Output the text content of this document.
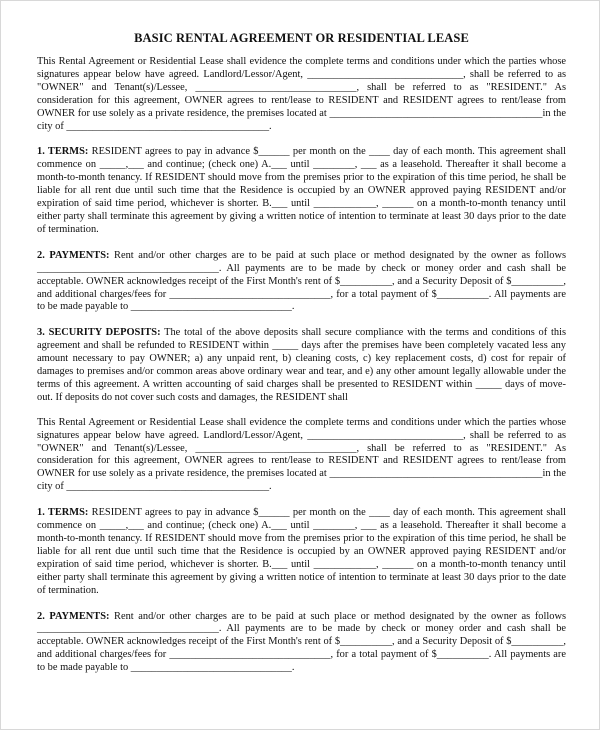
BASIC RENTAL AGREEMENT OR RESIDENTIAL LEASE

This Rental Agreement or Residential Lease shall evidence the complete terms and conditions under which the parties whose signatures appear below have agreed. Landlord/Lessor/Agent, ______________________________, shall be referred to as "OWNER" and Tenant(s)/Lessee, _______________________________, shall be referred to as "RESIDENT." As consideration for this agreement, OWNER agrees to rent/lease to RESIDENT and RESIDENT agrees to rent/lease from OWNER for use solely as a private residence, the premises located at _________________________________________in the city of _______________________________________.

1. TERMS: RESIDENT agrees to pay in advance $______ per month on the ____ day of each month. This agreement shall commence on _____,___ and continue; (check one) A.___ until ________, ___ as a leasehold. Thereafter it shall become a month-to-month tenancy. If RESIDENT should move from the premises prior to the expiration of this time period, he shall be liable for all rent due until such time that the Residence is occupied by an OWNER approved paying RESIDENT and/or expiration of said time period, whichever is shorter. B.___ until ____________, ______ on a month-to-month tenancy until either party shall terminate this agreement by giving a written notice of intention to terminate at least 30 days prior to the date of termination.

2. PAYMENTS: Rent and/or other charges are to be paid at such place or method designated by the owner as follows ___________________________________. All payments are to be made by check or money order and cash shall be acceptable. OWNER acknowledges receipt of the First Month's rent of $__________, and a Security Deposit of $__________, and additional charges/fees for _______________________________, for a total payment of $__________. All payments are to be made payable to _______________________________.

3. SECURITY DEPOSITS: The total of the above deposits shall secure compliance with the terms and conditions of this agreement and shall be refunded to RESIDENT within _____ days after the premises have been completely vacated less any amount necessary to pay OWNER; a) any unpaid rent, b) cleaning costs, c) key replacement costs, d) cost for repair of damages to premises and/or common areas above ordinary wear and tear, and e) any other amount legally allowable under the terms of this agreement. A written accounting of said charges shall be presented to RESIDENT within _____ days of move-out. If deposits do not cover such costs and damages, the RESIDENT shall

This Rental Agreement or Residential Lease shall evidence the complete terms and conditions under which the parties whose signatures appear below have agreed. Landlord/Lessor/Agent, ______________________________, shall be referred to as "OWNER" and Tenant(s)/Lessee, _______________________________, shall be referred to as "RESIDENT." As consideration for this agreement, OWNER agrees to rent/lease to RESIDENT and RESIDENT agrees to rent/lease from OWNER for use solely as a private residence, the premises located at _________________________________________in the city of _______________________________________.

1. TERMS: RESIDENT agrees to pay in advance $______ per month on the ____ day of each month. This agreement shall commence on _____,___ and continue; (check one) A.___ until ________, ___ as a leasehold. Thereafter it shall become a month-to-month tenancy. If RESIDENT should move from the premises prior to the expiration of this time period, he shall be liable for all rent due until such time that the Residence is occupied by an OWNER approved paying RESIDENT and/or expiration of said time period, whichever is shorter. B.___ until ____________, ______ on a month-to-month tenancy until either party shall terminate this agreement by giving a written notice of intention to terminate at least 30 days prior to the date of termination.

2. PAYMENTS: Rent and/or other charges are to be paid at such place or method designated by the owner as follows ___________________________________. All payments are to be made by check or money order and cash shall be acceptable. OWNER acknowledges receipt of the First Month's rent of $__________, and a Security Deposit of $__________, and additional charges/fees for _______________________________, for a total payment of $__________. All payments are to be made payable to _______________________________.
